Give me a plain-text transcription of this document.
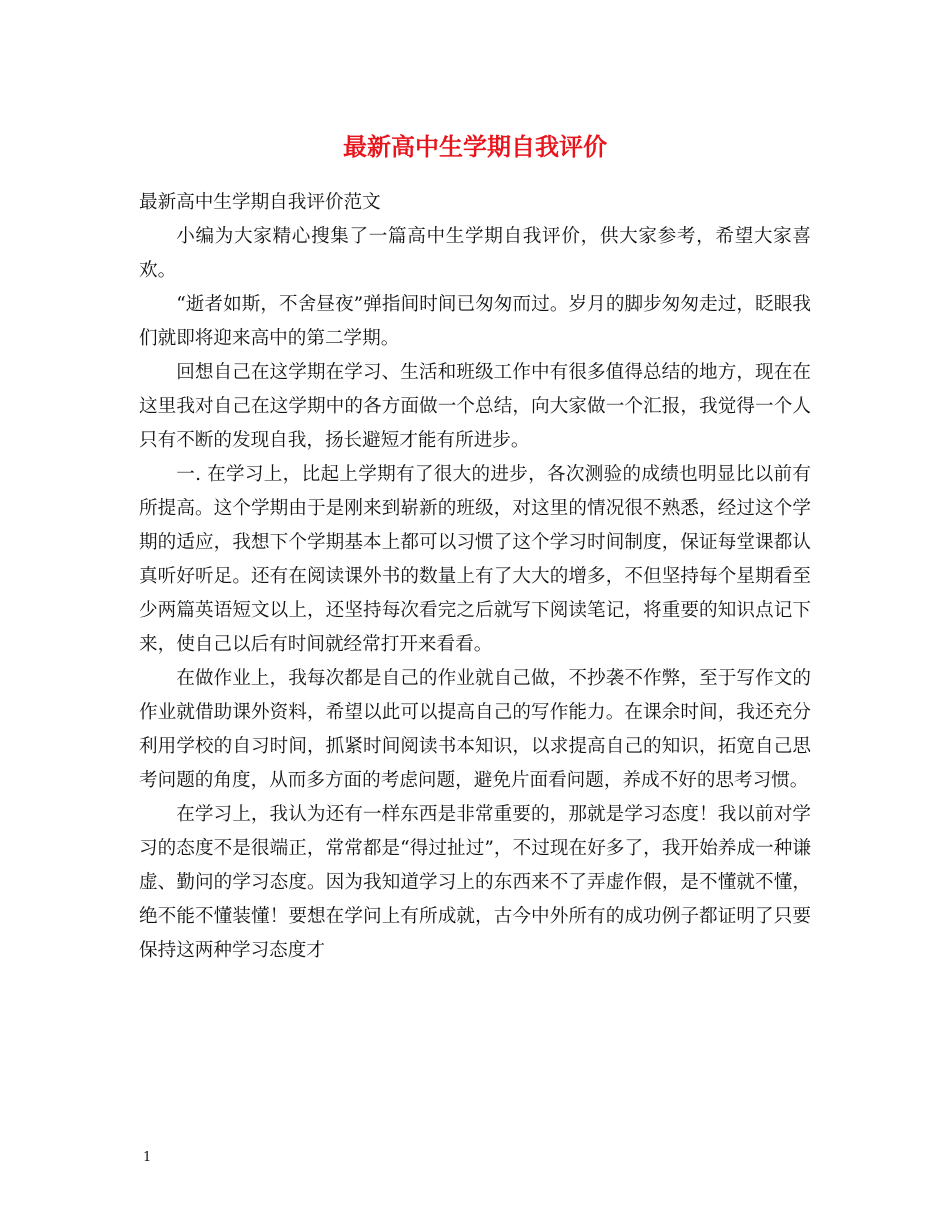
最新高中生学期自我评价

最新高中生学期自我评价范文

小编为大家精心搜集了一篇高中生学期自我评价，供大家参考，希望大家喜欢。

“逝者如斯，不舍昼夜”弹指间时间已匆匆而过。岁月的脚步匆匆走过，眨眼我们就即将迎来高中的第二学期。

回想自己在这学期在学习、生活和班级工作中有很多值得总结的地方，现在在这里我对自己在这学期中的各方面做一个总结，向大家做一个汇报，我觉得一个人只有不断的发现自我，扬长避短才能有所进步。

一. 在学习上，比起上学期有了很大的进步，各次测验的成绩也明显比以前有所提高。这个学期由于是刚来到崭新的班级，对这里的情况很不熟悉，经过这个学期的适应，我想下个学期基本上都可以习惯了这个学习时间制度，保证每堂课都认真听好听足。还有在阅读课外书的数量上有了大大的增多，不但坚持每个星期看至少两篇英语短文以上，还坚持每次看完之后就写下阅读笔记，将重要的知识点记下来，使自己以后有时间就经常打开来看看。

在做作业上，我每次都是自己的作业就自己做，不抄袭不作弊，至于写作文的作业就借助课外资料，希望以此可以提高自己的写作能力。在课余时间，我还充分利用学校的自习时间，抓紧时间阅读书本知识，以求提高自己的知识，拓宽自己思考问题的角度，从而多方面的考虑问题，避免片面看问题，养成不好的思考习惯。

在学习上，我认为还有一样东西是非常重要的，那就是学习态度！我以前对学习的态度不是很端正，常常都是“得过扯过”，不过现在好多了，我开始养成一种谦虚、勤问的学习态度。因为我知道学习上的东西来不了弄虚作假，是不懂就不懂，绝不能不懂装懂！要想在学问上有所成就，古今中外所有的成功例子都证明了只要保持这两种学习态度才

1
